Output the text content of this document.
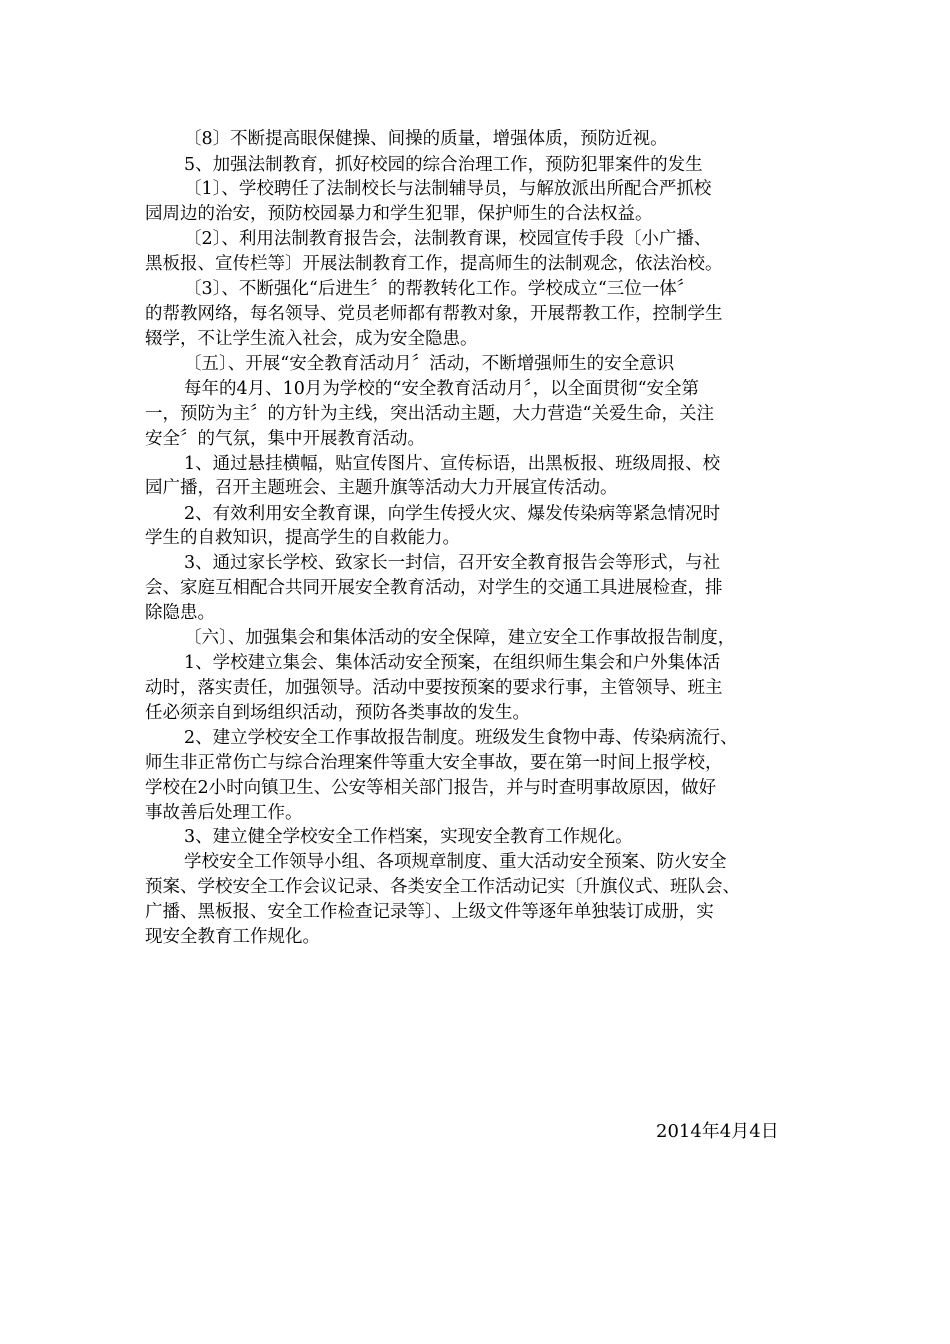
〔8〕不断提高眼保健操、间操的质量，增强体质，预防近视。
5、加强法制教育，抓好校园的综合治理工作，预防犯罪案件的发生
〔1〕、学校聘任了法制校长与法制辅导员，与解放派出所配合严抓校
园周边的治安，预防校园暴力和学生犯罪，保护师生的合法权益。
〔2〕、利用法制教育报告会，法制教育课，校园宣传手段〔小广播、
黑板报、宣传栏等〕开展法制教育工作，提高师生的法制观念，依法治校。
〔3〕、不断强化“后进生〞的帮教转化工作。学校成立“三位一体〞
的帮教网络，每名领导、党员老师都有帮教对象，开展帮教工作，控制学生
辍学，不让学生流入社会，成为安全隐患。
〔五〕、开展“安全教育活动月〞活动，不断增强师生的安全意识
每年的4月、10月为学校的“安全教育活动月〞，以全面贯彻“安全第
一，预防为主〞的方针为主线，突出活动主题，大力营造“关爱生命，关注
安全〞的气氛，集中开展教育活动。
1、通过悬挂横幅，贴宣传图片、宣传标语，出黑板报、班级周报、校
园广播，召开主题班会、主题升旗等活动大力开展宣传活动。
2、有效利用安全教育课，向学生传授火灾、爆发传染病等紧急情况时
学生的自救知识，提高学生的自救能力。
3、通过家长学校、致家长一封信，召开安全教育报告会等形式，与社
会、家庭互相配合共同开展安全教育活动，对学生的交通工具进展检查，排
除隐患。
〔六〕、加强集会和集体活动的安全保障，建立安全工作事故报告制度，
1、学校建立集会、集体活动安全预案，在组织师生集会和户外集体活
动时，落实责任，加强领导。活动中要按预案的要求行事，主管领导、班主
任必须亲自到场组织活动，预防各类事故的发生。
2、建立学校安全工作事故报告制度。班级发生食物中毒、传染病流行、
师生非正常伤亡与综合治理案件等重大安全事故，要在第一时间上报学校，
学校在2小时向镇卫生、公安等相关部门报告，并与时查明事故原因，做好
事故善后处理工作。
3、建立健全学校安全工作档案，实现安全教育工作规化。
学校安全工作领导小组、各项规章制度、重大活动安全预案、防火安全
预案、学校安全工作会议记录、各类安全工作活动记实〔升旗仪式、班队会、
广播、黑板报、安全工作检查记录等〕、上级文件等逐年单独装订成册，实
现安全教育工作规化。
2014年4月4日
